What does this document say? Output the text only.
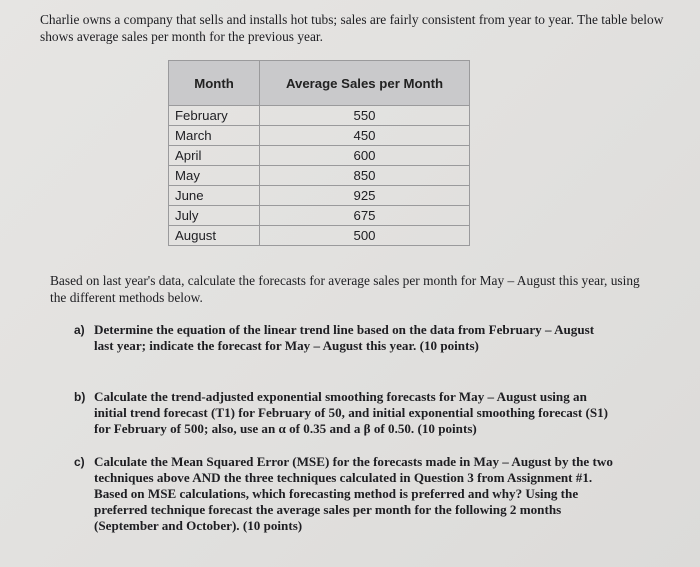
Charlie owns a company that sells and installs hot tubs; sales are fairly consistent from year to year. The table below shows average sales per month for the previous year.

Month	Average Sales per Month
February	550
March	450
April	600
May	850
June	925
July	675
August	500

Based on last year's data, calculate the forecasts for average sales per month for May – August this year, using the different methods below.

a) Determine the equation of the linear trend line based on the data from February – August last year; indicate the forecast for May – August this year. (10 points)
b) Calculate the trend-adjusted exponential smoothing forecasts for May – August using an initial trend forecast (T1) for February of 50, and initial exponential smoothing forecast (S1) for February of 500; also, use an α of 0.35 and a β of 0.50. (10 points)
c) Calculate the Mean Squared Error (MSE) for the forecasts made in May – August by the two techniques above AND the three techniques calculated in Question 3 from Assignment #1. Based on MSE calculations, which forecasting method is preferred and why? Using the preferred technique forecast the average sales per month for the following 2 months (September and October). (10 points)
